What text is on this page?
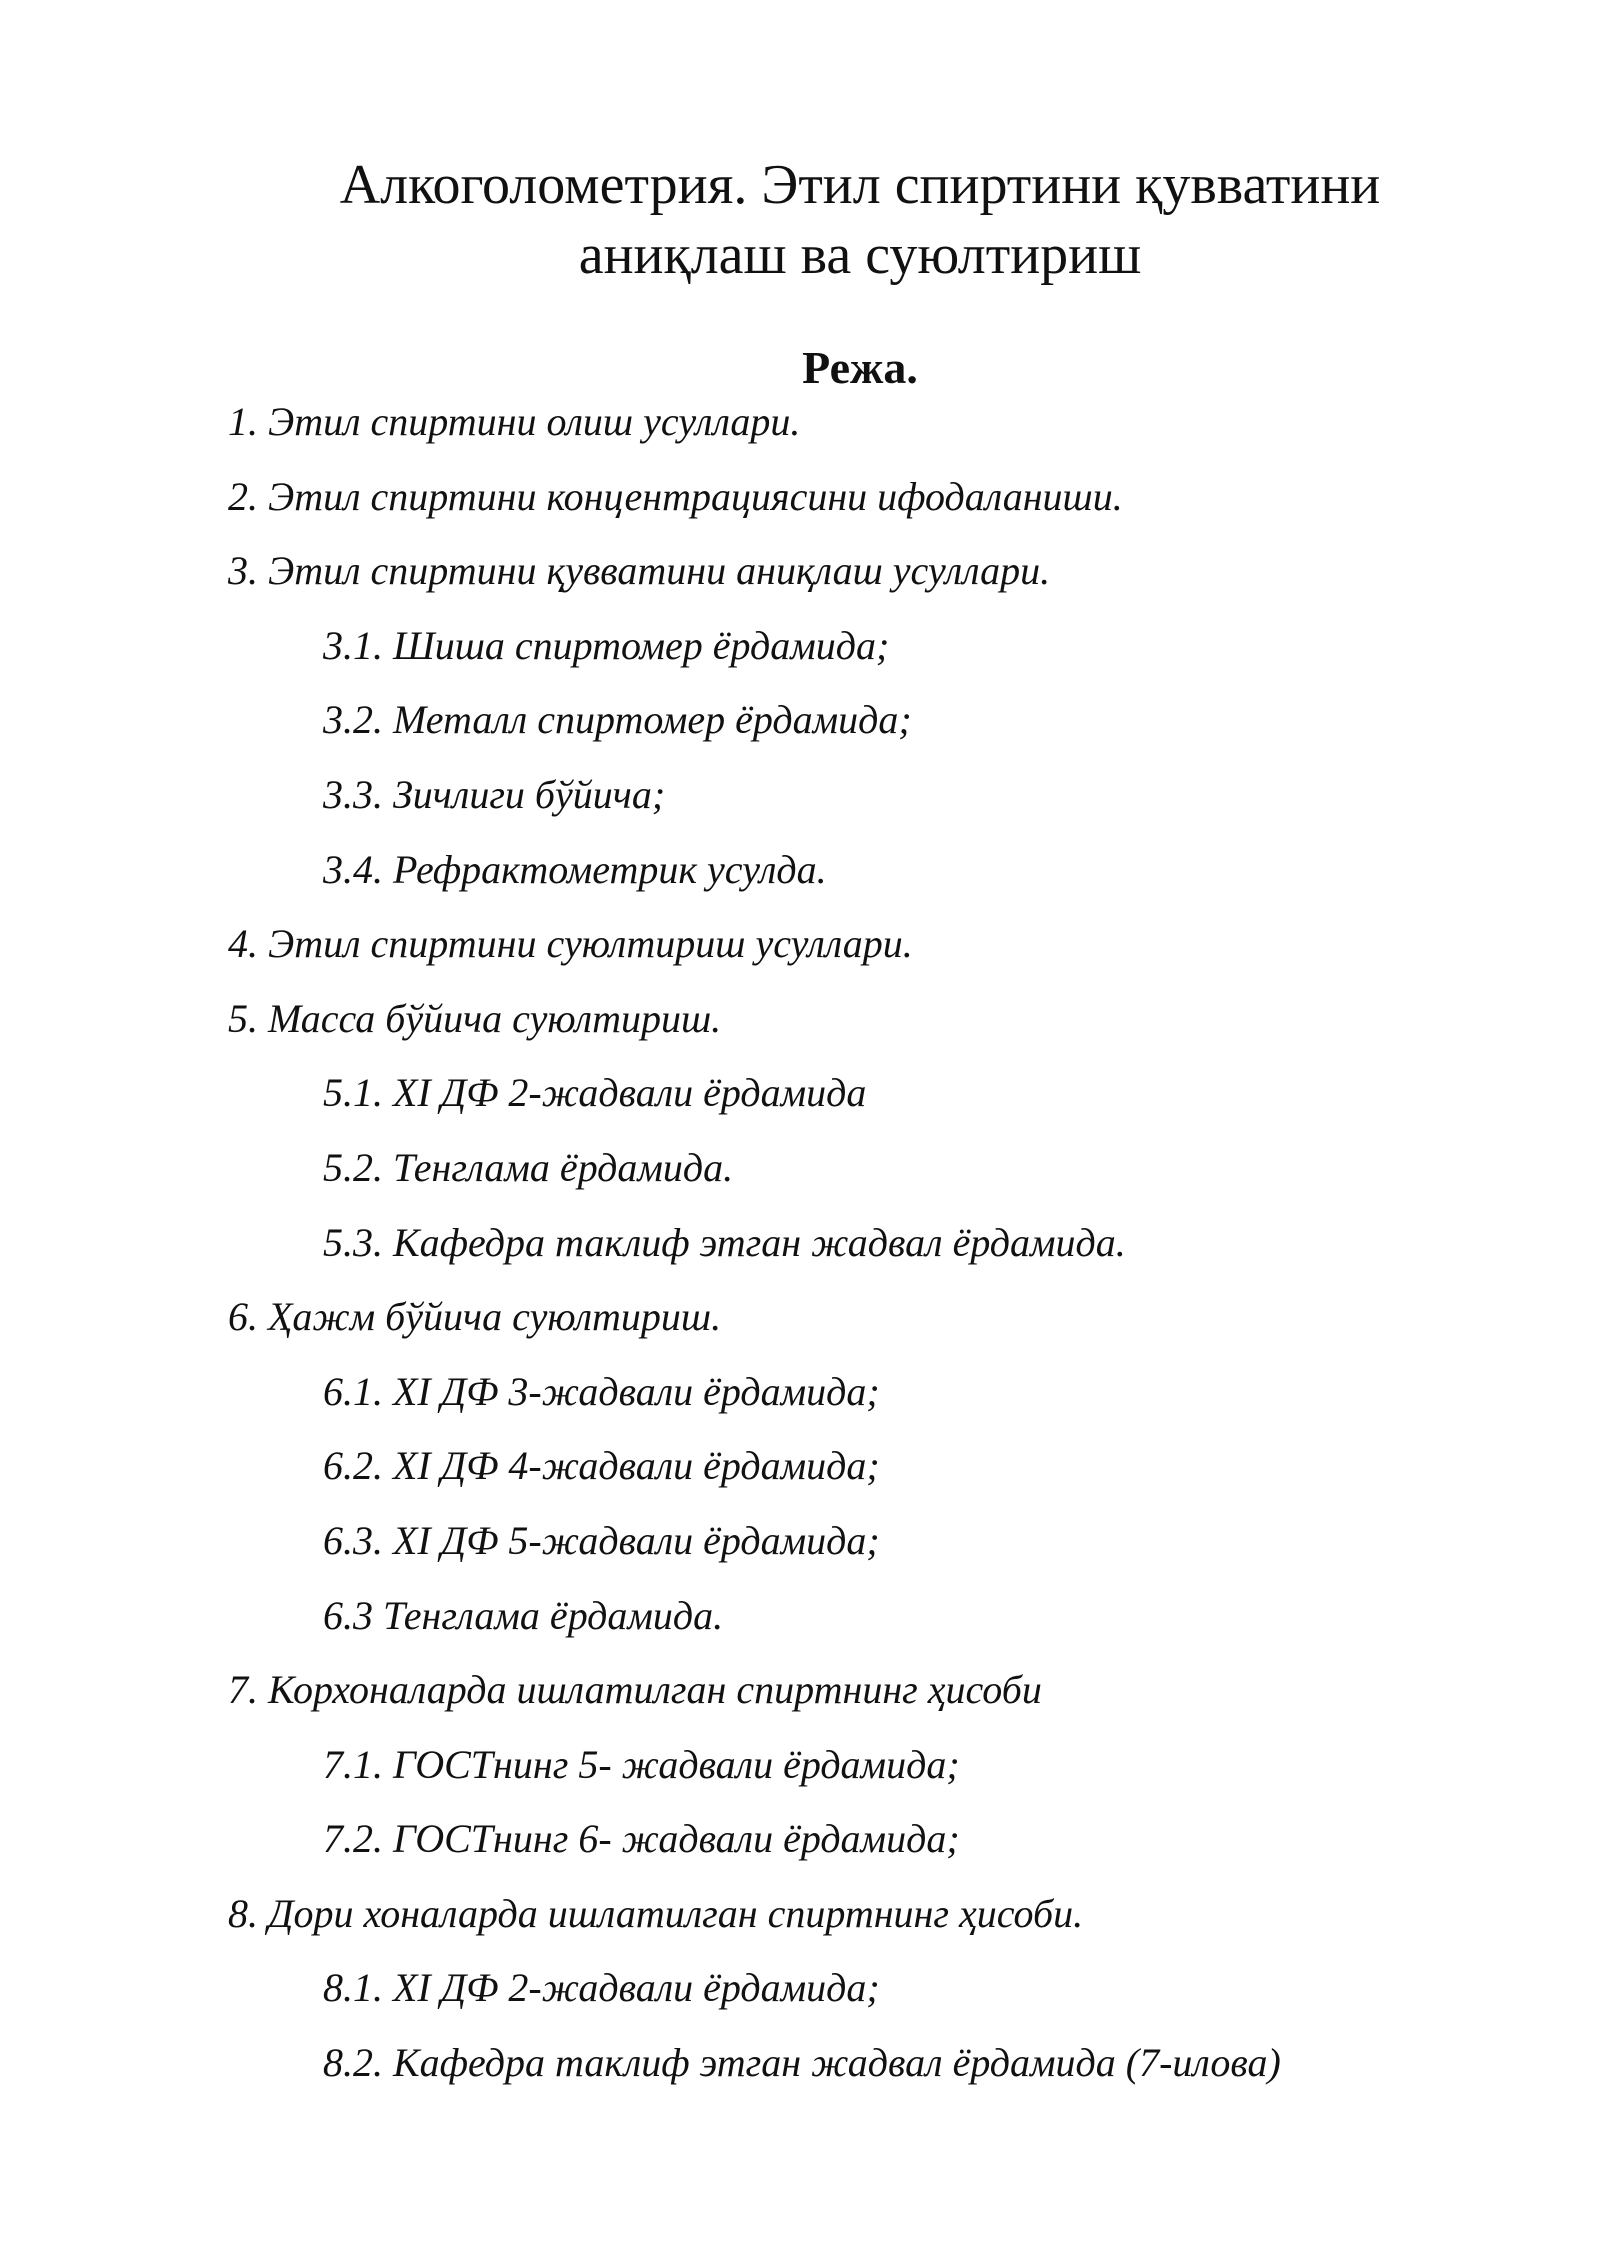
Алкоголометрия. Этил спиртини қувватини
аниқлаш ва суюлтириш
Режа.
1. Этил спиртини олиш усуллари.
2. Этил спиртини концентрациясини ифодаланиши.
3. Этил спиртини қувватини аниқлаш усуллари.
3.1. Шиша спиртомер ёрдамида;
3.2. Металл спиртомер ёрдамида;
3.3. Зичлиги бўйича;
3.4. Рефрактометрик усулда.
4. Этил спиртини суюлтириш усуллари.
5. Масса бўйича суюлтириш.
5.1. XI ДФ 2-жадвали ёрдамида
5.2. Тенглама ёрдамида.
5.3. Кафедра таклиф этган жадвал ёрдамида.
6. Ҳажм бўйича суюлтириш.
6.1. XI ДФ 3-жадвали ёрдамида;
6.2. XI ДФ 4-жадвали ёрдамида;
6.3. XI ДФ 5-жадвали ёрдамида;
6.3 Тенглама ёрдамида.
7. Корхоналарда ишлатилган спиртнинг ҳисоби
7.1. ГОСТнинг 5- жадвали ёрдамида;
7.2. ГОСТнинг 6- жадвали ёрдамида;
8. Дори хоналарда ишлатилган спиртнинг ҳисоби.
8.1. XI ДФ 2-жадвали ёрдамида;
8.2. Кафедра таклиф этган жадвал ёрдамида (7-илова)
